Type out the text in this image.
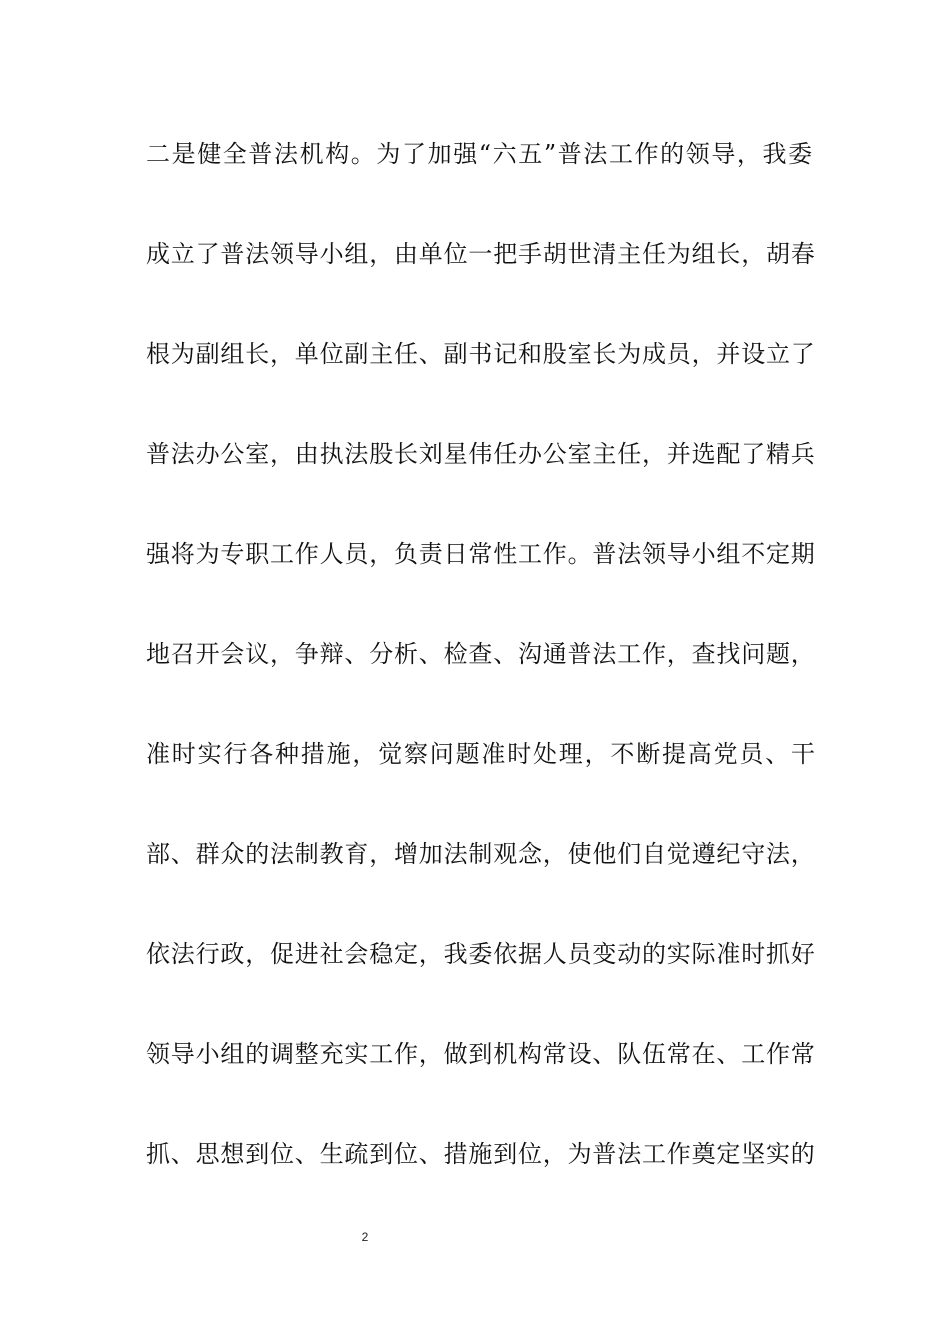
二是健全普法机构。为了加强“六五”普法工作的领导，我委

成立了普法领导小组，由单位一把手胡世清主任为组长，胡春

根为副组长，单位副主任、副书记和股室长为成员，并设立了

普法办公室，由执法股长刘星伟任办公室主任，并选配了精兵

强将为专职工作人员，负责日常性工作。普法领导小组不定期

地召开会议，争辩、分析、检查、沟通普法工作，查找问题，

准时实行各种措施，觉察问题准时处理，不断提高党员、干

部、群众的法制教育，增加法制观念，使他们自觉遵纪守法，

依法行政，促进社会稳定，我委依据人员变动的实际准时抓好

领导小组的调整充实工作，做到机构常设、队伍常在、工作常

抓、思想到位、生疏到位、措施到位，为普法工作奠定坚实的

2
